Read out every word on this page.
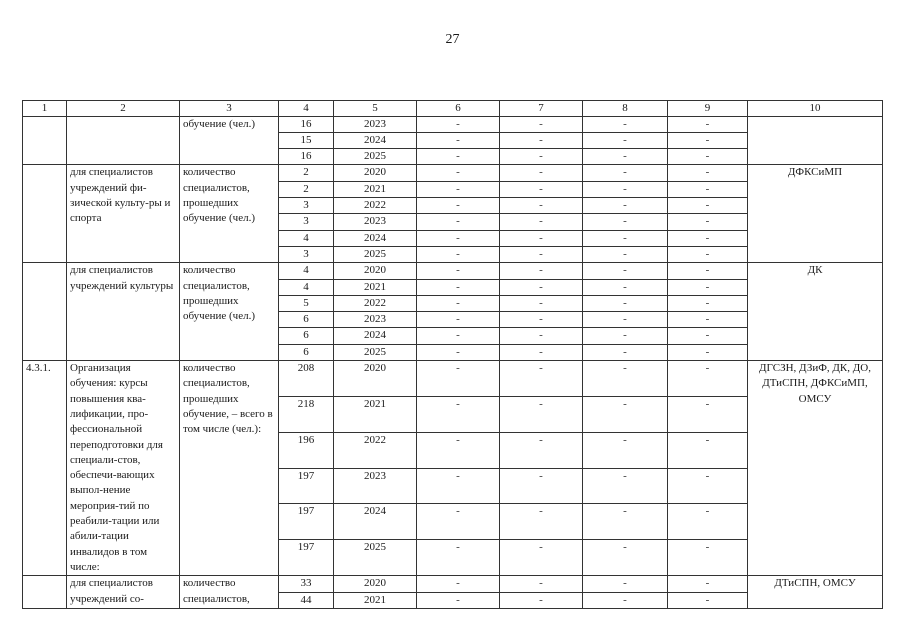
27
1	2	3	4	5	6	7	8	9	10
		обучение (чел.)	16	2023	-	-	-	-	
			15	2024	-	-	-	-	
			16	2025	-	-	-	-	
	для специалистов учреждений фи-зической культу-ры и спорта	количество специалистов, прошедших обучение (чел.)	2	2020	-	-	-	-	ДФКСиМП
			2	2021	-	-	-	-	
			3	2022	-	-	-	-	
			3	2023	-	-	-	-	
			4	2024	-	-	-	-	
			3	2025	-	-	-	-	
	для специалистов учреждений культуры	количество специалистов, прошедших обучение (чел.)	4	2020	-	-	-	-	ДК
			4	2021	-	-	-	-	
			5	2022	-	-	-	-	
			6	2023	-	-	-	-	
			6	2024	-	-	-	-	
			6	2025	-	-	-	-	
4.3.1.	Организация обучения: курсы повышения ква-лификации, про-фессиональной переподготовки для специали-стов, обеспечи-вающих выпол-нение мероприя-тий по реабили-тации или абили-тации инвалидов в том числе:	количество специалистов, прошедших обучение, – всего в том числе (чел.):	208	2020	-	-	-	-	ДГСЗН, ДЗиФ, ДК, ДО, ДТиСПН, ДФКСиМП, ОМСУ
			218	2021	-	-	-	-	
			196	2022	-	-	-	-	
			197	2023	-	-	-	-	
			197	2024	-	-	-	-	
			197	2025	-	-	-	-	
	для специалистов учреждений со-	количество специалистов,	33	2020	-	-	-	-	ДТиСПН, ОМСУ
			44	2021	-	-	-	-	
